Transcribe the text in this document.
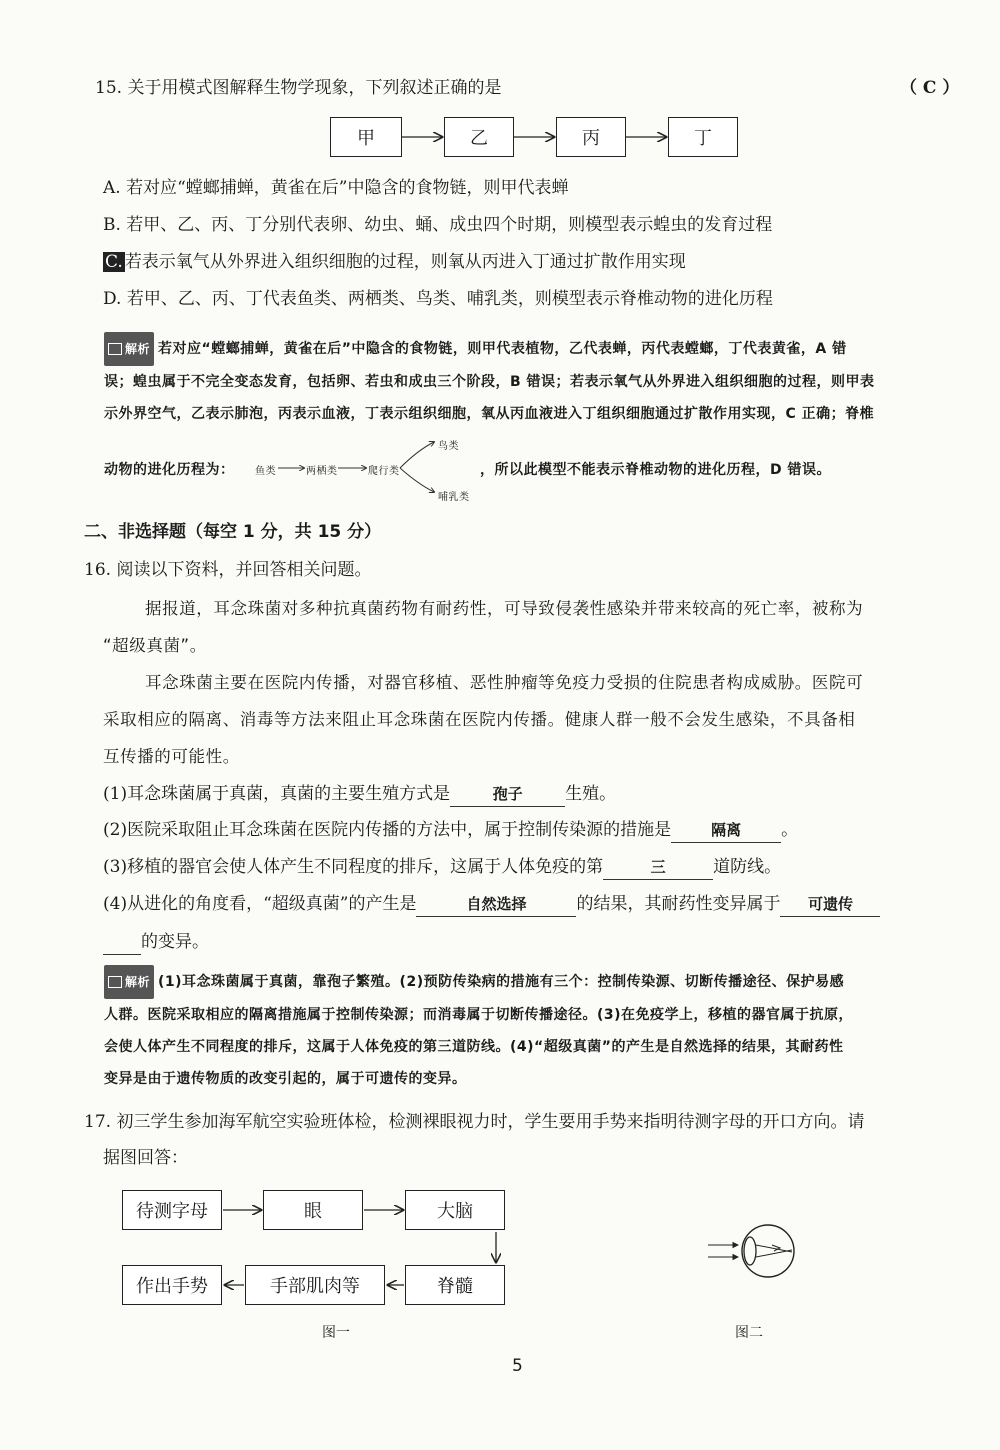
15. 关于用模式图解释生物学现象，下列叙述正确的是	（ C ）
甲	乙	丙	丁
A. 若对应“螳螂捕蝉，黄雀在后”中隐含的食物链，则甲代表蝉
B. 若甲、乙、丙、丁分别代表卵、幼虫、蛹、成虫四个时期，则模型表示蝗虫的发育过程
C. 若表示氧气从外界进入组织细胞的过程，则氧从丙进入丁通过扩散作用实现
D. 若甲、乙、丙、丁代表鱼类、两栖类、鸟类、哺乳类，则模型表示脊椎动物的进化历程
解析 若对应“螳螂捕蝉，黄雀在后”中隐含的食物链，则甲代表植物，乙代表蝉，丙代表螳螂，丁代表黄雀，A 错
误；蝗虫属于不完全变态发育，包括卵、若虫和成虫三个阶段，B 错误；若表示氧气从外界进入组织细胞的过程，则甲表
示外界空气，乙表示肺泡，丙表示血液，丁表示组织细胞，氧从丙血液进入丁组织细胞通过扩散作用实现，C 正确；脊椎
动物的进化历程为： 鱼类	两栖类	爬行类
鸟类
哺乳类
，所以此模型不能表示脊椎动物的进化历程，D 错误。
二、非选择题（每空 1 分，共 15 分）
16. 阅读以下资料，并回答相关问题。
据报道，耳念珠菌对多种抗真菌药物有耐药性，可导致侵袭性感染并带来较高的死亡率，被称为
“超级真菌”。
耳念珠菌主要在医院内传播，对器官移植、恶性肿瘤等免疫力受损的住院患者构成威胁。医院可
采取相应的隔离、消毒等方法来阻止耳念珠菌在医院内传播。健康人群一般不会发生感染，不具备相
互传播的可能性。
(1)耳念珠菌属于真菌，真菌的主要生殖方式是	孢子	生殖。
(2)医院采取阻止耳念珠菌在医院内传播的方法中，属于控制传染源的措施是	隔离 。
(3)移植的器官会使人体产生不同程度的排斥，这属于人体免疫的第	三	道防线。
(4)从进化的角度看，“超级真菌”的产生是	自然选择	的结果，其耐药性变异属于 可遗传
的变异。
解析 (1)耳念珠菌属于真菌，靠孢子繁殖。(2)预防传染病的措施有三个：控制传染源、切断传播途径、保护易感
人群。医院采取相应的隔离措施属于控制传染源；而消毒属于切断传播途径。(3)在免疫学上，移植的器官属于抗原，
会使人体产生不同程度的排斥，这属于人体免疫的第三道防线。(4)“超级真菌”的产生是自然选择的结果，其耐药性
变异是由于遗传物质的改变引起的，属于可遗传的变异。
17. 初三学生参加海军航空实验班体检，检测裸眼视力时，学生要用手势来指明待测字母的开口方向。请
据图回答：
待测字母	眼	大脑
脊髓
手部肌肉等
作出手势
图一	图二
5
